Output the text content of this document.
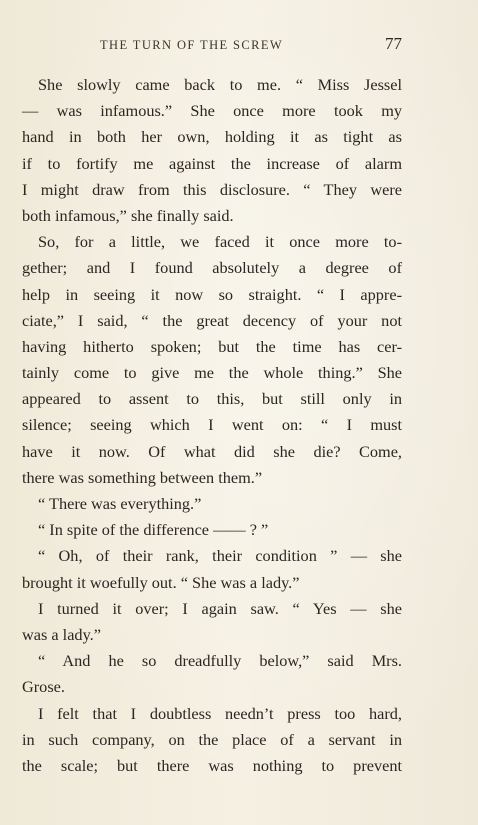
THE TURN OF THE SCREW	77
She slowly came back to me. “ Miss Jessel
— was infamous.” She once more took my
hand in both her own, holding it as tight as
if to fortify me against the increase of alarm
I might draw from this disclosure. “ They were
both infamous,” she finally said.
So, for a little, we faced it once more to-
gether; and I found absolutely a degree of
help in seeing it now so straight. “ I appre-
ciate,” I said, “ the great decency of your not
having hitherto spoken; but the time has cer-
tainly come to give me the whole thing.” She
appeared to assent to this, but still only in
silence; seeing which I went on: “ I must
have it now. Of what did she die? Come,
there was something between them.”
“ There was everything.”
“ In spite of the difference —— ? ”
“ Oh, of their rank, their condition ” — she
brought it woefully out. “ She was a lady.”
I turned it over; I again saw. “ Yes — she
was a lady.”
“ And he so dreadfully below,” said Mrs.
Grose.
I felt that I doubtless needn’t press too hard,
in such company, on the place of a servant in
the scale; but there was nothing to prevent
